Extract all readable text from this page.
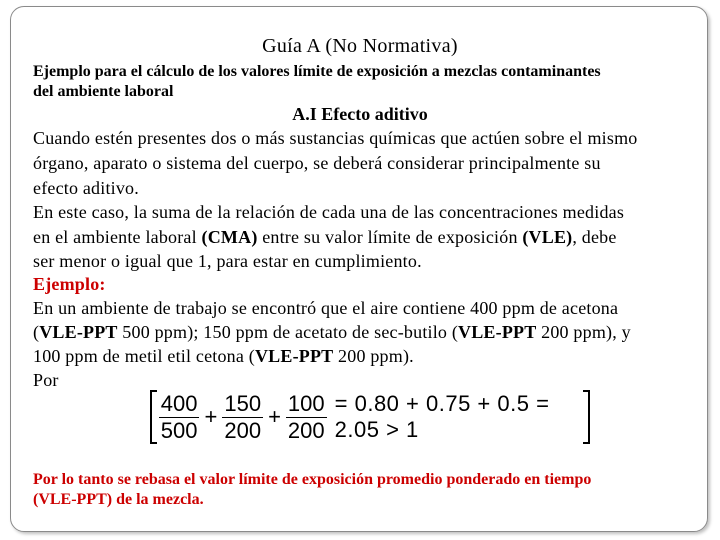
Guía A (No Normativa)
Ejemplo para el cálculo de los valores límite de exposición a mezclas contaminantes
del ambiente laboral
A.I Efecto aditivo
Cuando estén presentes dos o más sustancias químicas que actúen sobre el mismo
órgano, aparato o sistema del cuerpo, se deberá considerar principalmente su
efecto aditivo.
En este caso, la suma de la relación de cada una de las concentraciones medidas
en el ambiente laboral (CMA) entre su valor límite de exposición (VLE), debe
ser menor o igual que 1, para estar en cumplimiento.
Ejemplo:
En un ambiente de trabajo se encontró que el aire contiene 400 ppm de acetona
(VLE-PPT 500 ppm); 150 ppm de acetato de sec-butilo (VLE-PPT 200 ppm), y
100 ppm de metil etil cetona (VLE-PPT 200 ppm).
Por
$\frac{400}{500} + \frac{150}{200} + \frac{100}{200} = 0.80 + 0.75 + 0.5 = 2.05 > 1$
Por lo tanto se rebasa el valor límite de exposición promedio ponderado en tiempo
(VLE-PPT) de la mezcla.
